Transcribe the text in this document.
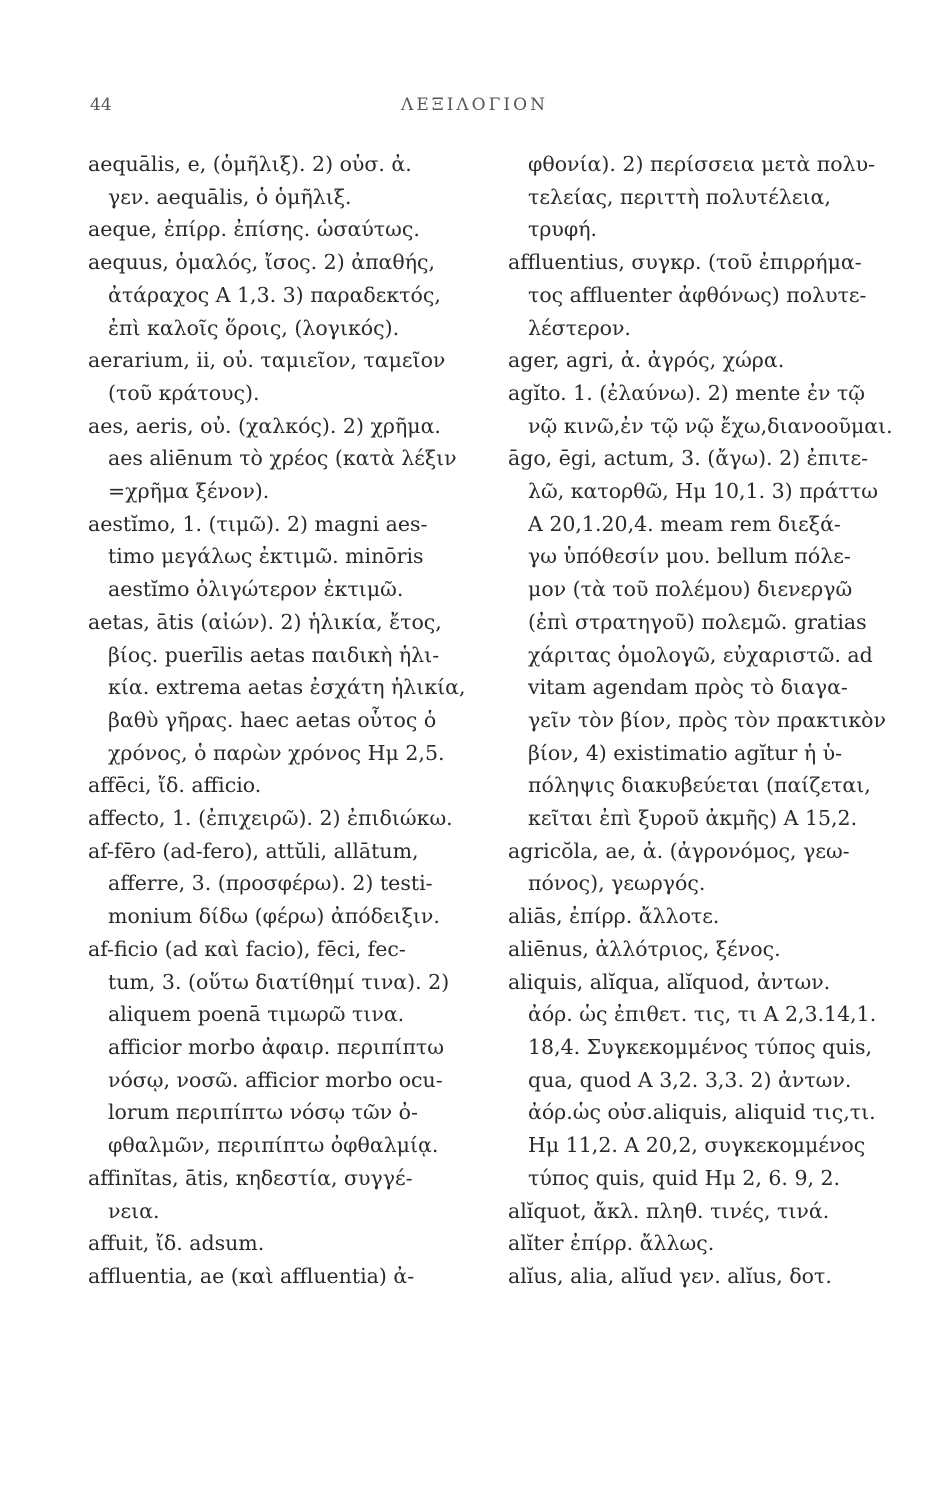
44	ΛΕΞΙΛΟΓΙΟΝ
aequālis, e, (ὁμῆλιξ). 2) οὐσ. ἀ.
γεν. aequālis, ὁ ὁμῆλιξ.
aeque, ἐπίρρ. ἐπίσης. ὡσαύτως.
aequus, ὁμαλός, ἴσος. 2) ἀπαθής,
ἀτάραχος Α 1,3. 3) παραδεκτός,
ἐπὶ καλοῖς ὅροις, (λογικός).
aerarium, ii, οὐ. ταμιεῖον, ταμεῖον
(τοῦ κράτους).
aes, aeris, οὐ. (χαλκός). 2) χρῆμα.
aes aliēnum τὸ χρέος (κατὰ λέξιν
=χρῆμα ξένον).
aestĭmo, 1. (τιμῶ). 2) magni aes-
timo μεγάλως ἐκτιμῶ. minōris
aestĭmo ὀλιγώτερον ἐκτιμῶ.
aetas, ātis (αἰών). 2) ἡλικία, ἔτος,
βίος. puerīlis aetas παιδικὴ ἡλι-
κία. extrema aetas ἐσχάτη ἡλικία,
βαθὺ γῆρας. haec aetas οὗτος ὁ
χρόνος, ὁ παρὼν χρόνος Ημ 2,5.
affēci, ἴδ. afficio.
affecto, 1. (ἐπιχειρῶ). 2) ἐπιδιώκω.
af-fēro (ad-fero), attŭli, allātum,
afferre, 3. (προσφέρω). 2) testi-
monium δίδω (φέρω) ἀπόδειξιν.
af-ficio (ad καὶ facio), fēci, fec-
tum, 3. (οὕτω διατίθημί τινα). 2)
aliquem poenā τιμωρῶ τινα.
afficior morbo ἀφαιρ. περιπίπτω
νόσῳ, νοσῶ. afficior morbo ocu-
lorum περιπίπτω νόσῳ τῶν ὀ-
φθαλμῶν, περιπίπτω ὀφθαλμίᾳ.
affinĭtas, ātis, κηδεστία, συγγέ-
νεια.
affuit, ἴδ. adsum.
affluentia, ae (καὶ affluentia) ἀ-
φθονία). 2) περίσσεια μετὰ πολυ-
τελείας, περιττὴ πολυτέλεια,
τρυφή.
affluentius, συγκρ. (τοῦ ἐπιρρήμα-
τος affluenter ἀφθόνως) πολυτε-
λέστερον.
ager, agri, ἀ. ἀγρός, χώρα.
agĭto. 1. (ἐλαύνω). 2) mente ἐν τῷ
νῷ κινῶ,ἐν τῷ νῷ ἔχω,διανοοῦμαι.
āgo, ēgi, actum, 3. (ἄγω). 2) ἐπιτε-
λῶ, κατορθῶ, Ημ 10,1. 3) πράττω
Α 20,1.20,4. meam rem διεξά-
γω ὑπόθεσίν μου. bellum πόλε-
μον (τὰ τοῦ πολέμου) διενεργῶ
(ἐπὶ στρατηγοῦ) πολεμῶ. gratias
χάριτας ὁμολογῶ, εὐχαριστῶ. ad
vitam agendam πρὸς τὸ διαγα-
γεῖν τὸν βίον, πρὸς τὸν πρακτικὸν
βίον, 4) existimatio agĭtur ἡ ὑ-
πόληψις διακυβεύεται (παίζεται,
κεῖται ἐπὶ ξυροῦ ἀκμῆς) Α 15,2.
agricŏla, ae, ἀ. (ἀγρονόμος, γεω-
πόνος), γεωργός.
aliās, ἐπίρρ. ἄλλοτε.
aliēnus, ἀλλότριος, ξένος.
aliquis, alĭqua, alĭquod, ἀντων.
ἀόρ. ὡς ἐπιθετ. τις, τι Α 2,3.14,1.
18,4. Συγκεκομμένος τύπος quis,
qua, quod Α 3,2. 3,3. 2) ἀντων.
ἀόρ.ὡς οὐσ.aliquis, aliquid τις,τι.
Ημ 11,2. Α 20,2, συγκεκομμένος
τύπος quis, quid Ημ 2, 6. 9, 2.
alĭquot, ἄκλ. πληθ. τινές, τινά.
alĭter ἐπίρρ. ἄλλως.
alĭus, alia, alĭud γεν. alĭus, δοτ.
